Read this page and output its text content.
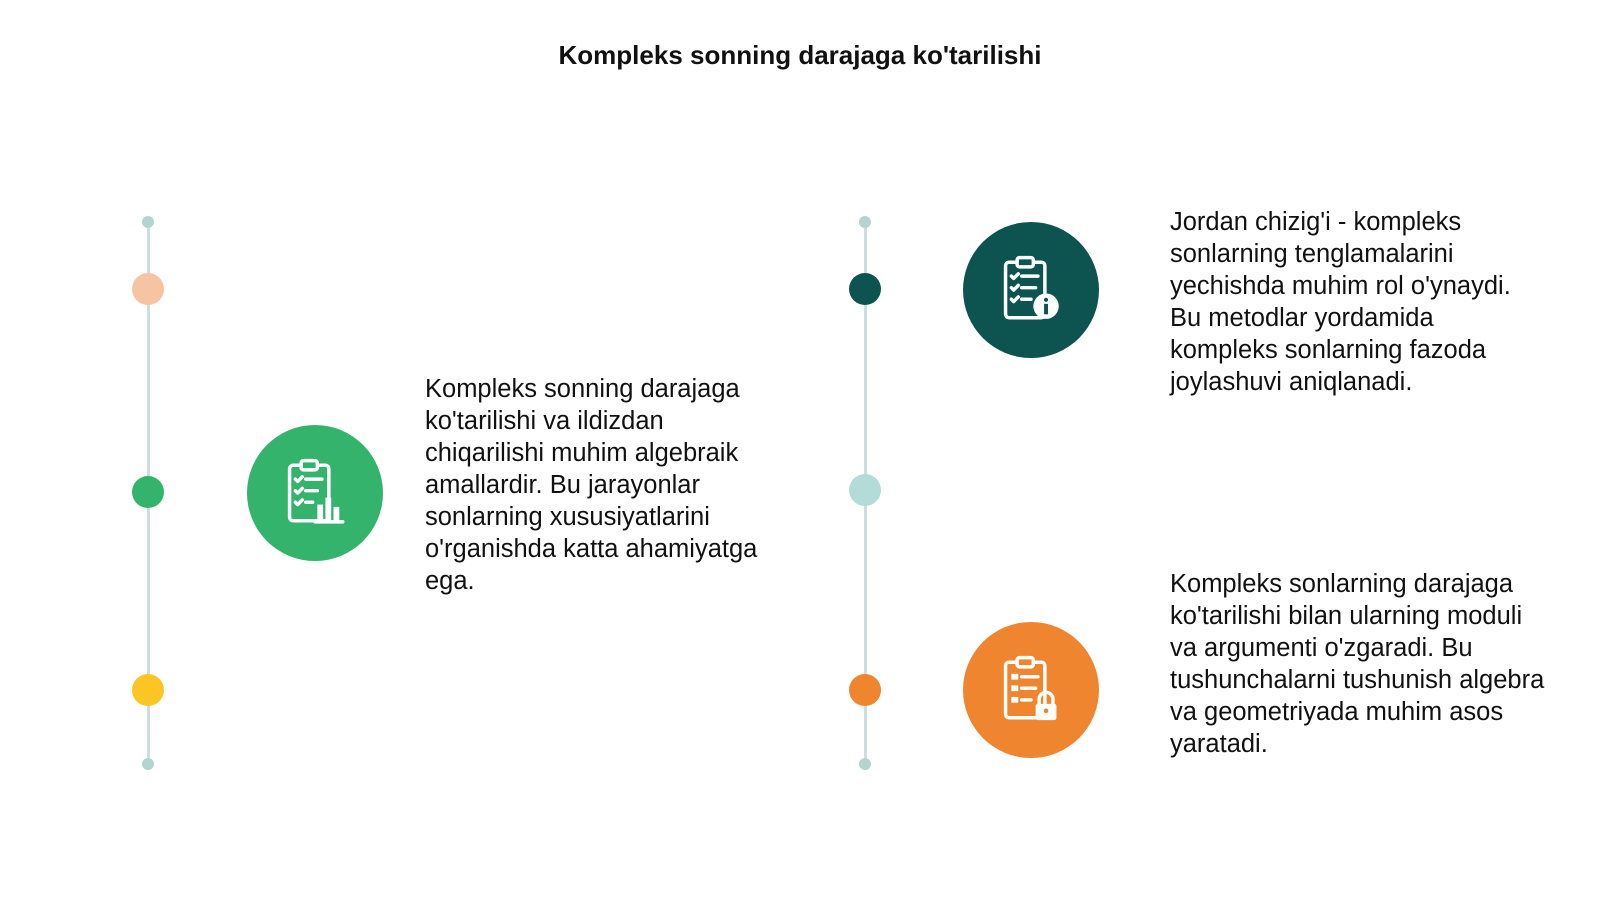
Kompleks sonning darajaga ko'tarilishi
Kompleks sonning darajaga ko'tarilishi va ildizdan chiqarilishi muhim algebraik amallardir. Bu jarayonlar sonlarning xususiyatlarini o'rganishda katta ahamiyatga ega.
Jordan chizig'i - kompleks sonlarning tenglamalarini yechishda muhim rol o'ynaydi. Bu metodlar yordamida kompleks sonlarning fazoda joylashuvi aniqlanadi.
Kompleks sonlarning darajaga ko'tarilishi bilan ularning moduli va argumenti o'zgaradi. Bu tushunchalarni tushunish algebra va geometriyada muhim asos yaratadi.
